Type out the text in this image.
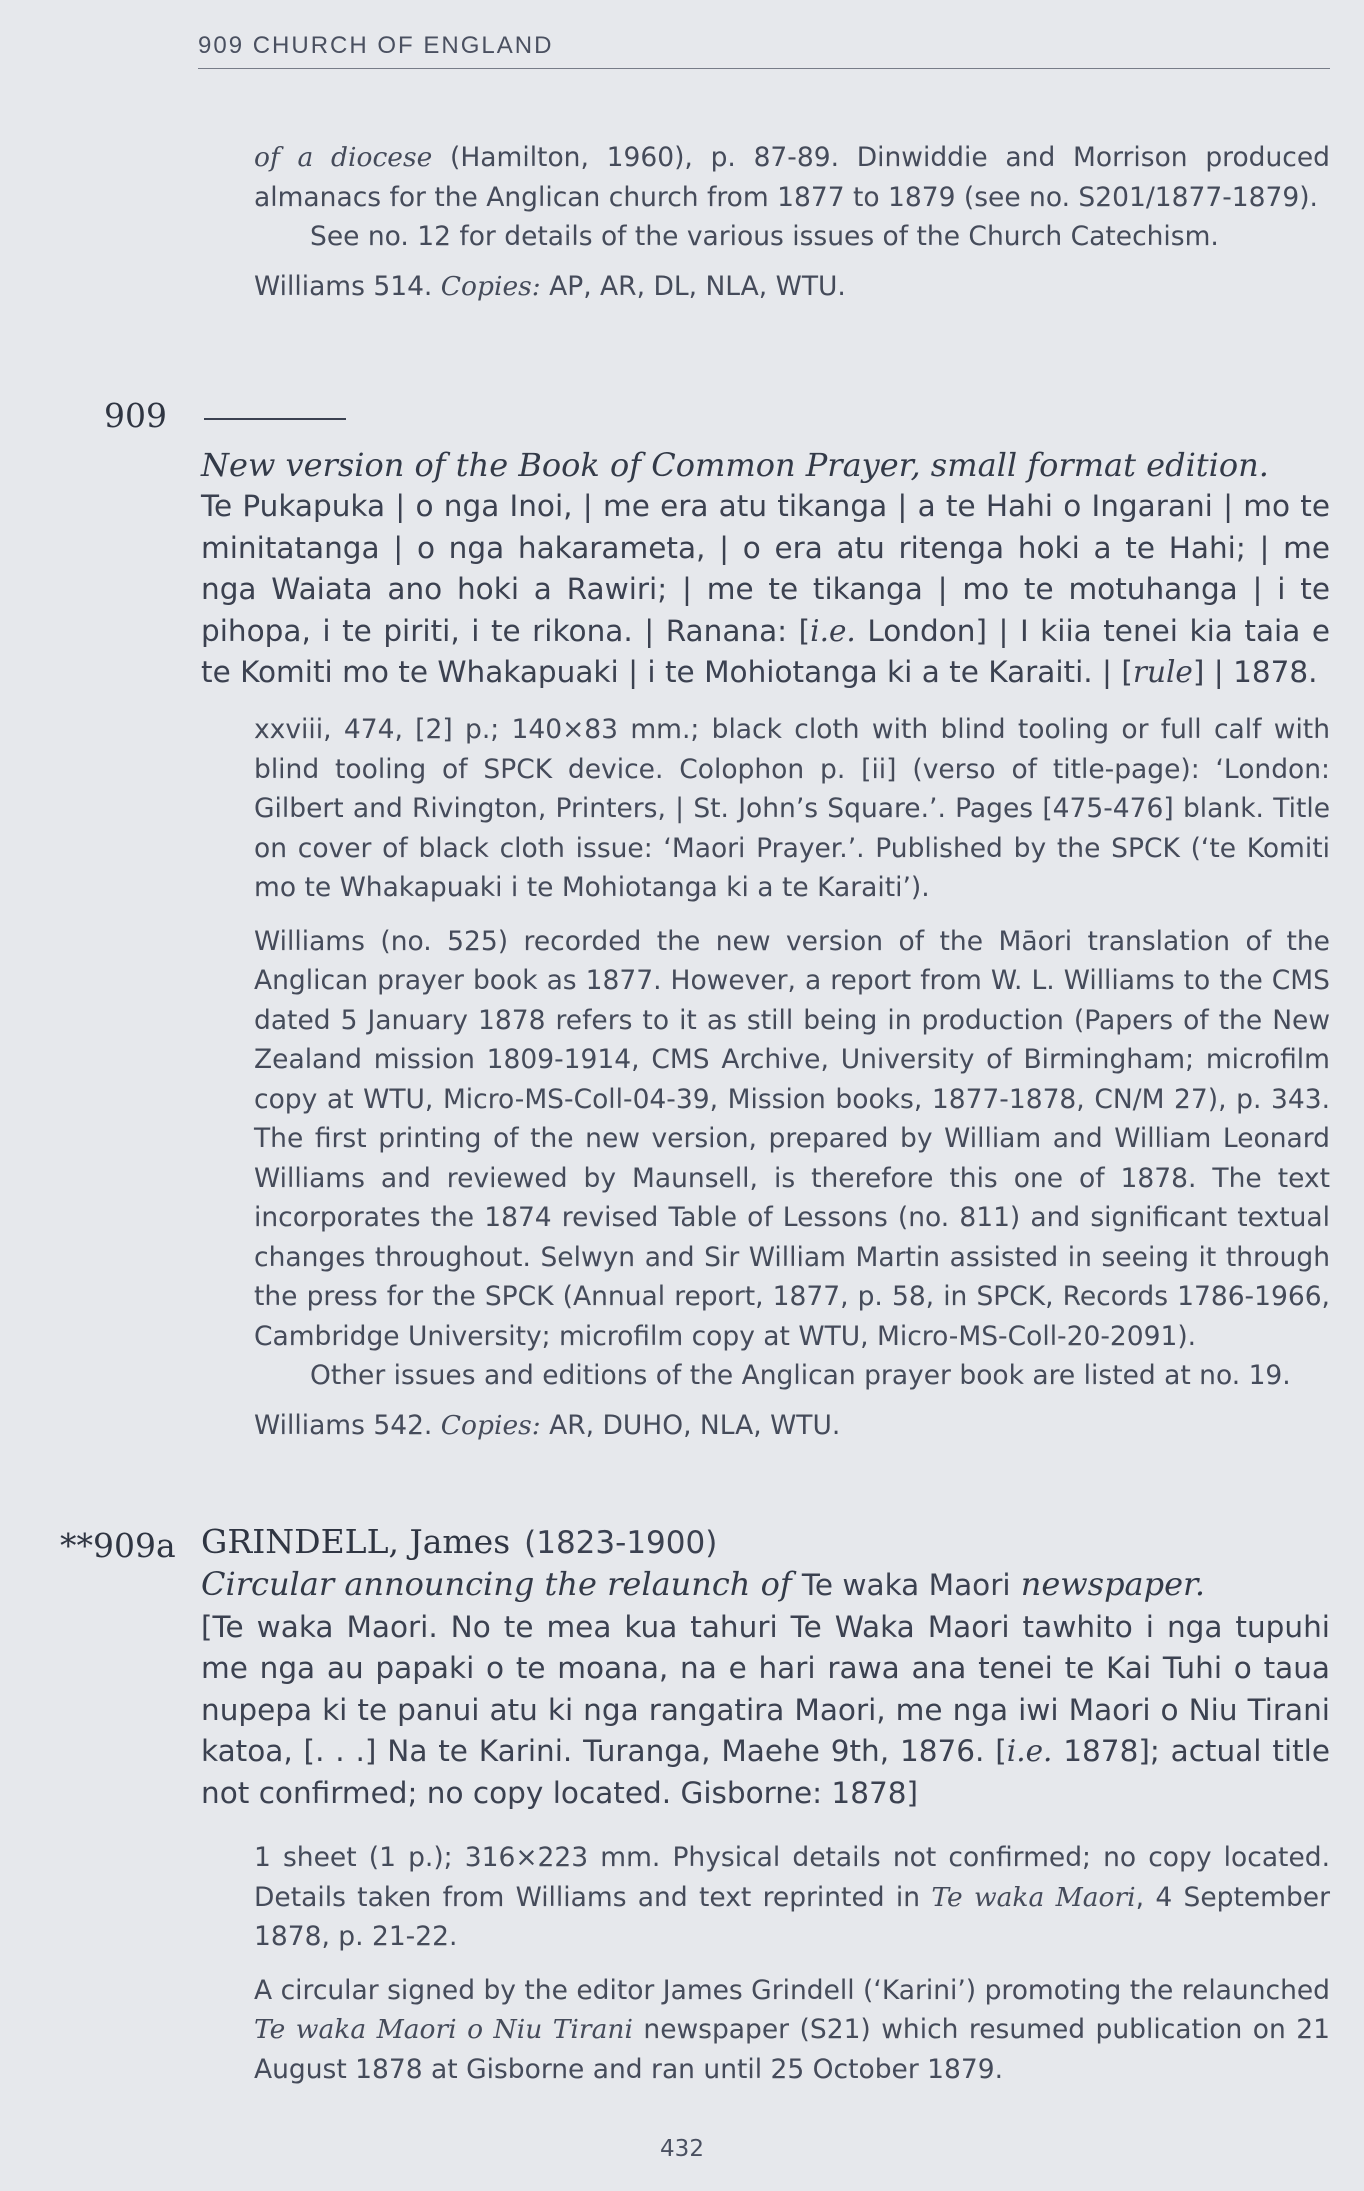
909 CHURCH OF ENGLAND

of a diocese (Hamilton, 1960), p. 87-89. Dinwiddie and Morrison produced almanacs for the Anglican church from 1877 to 1879 (see no. S201/1877-1879).

See no. 12 for details of the various issues of the Church Catechism.

Williams 514. Copies: AP, AR, DL, NLA, WTU.

909

New version of the Book of Common Prayer, small format edition.

Te Pukapuka | o nga Inoi, | me era atu tikanga | a te Hahi o Ingarani | mo te minitatanga | o nga hakarameta, | o era atu ritenga hoki a te Hahi; | me nga Waiata ano hoki a Rawiri; | me te tikanga | mo te motuhanga | i te pihopa, i te piriti, i te rikona. | Ranana: [i.e. London] | I kiia tenei kia taia e te Komiti mo te Whakapuaki | i te Mohiotanga ki a te Karaiti. | [rule] | 1878.

xxviii, 474, [2] p.; 140×83 mm.; black cloth with blind tooling or full calf with blind tooling of SPCK device. Colophon p. [ii] (verso of title-page): ‘London: Gilbert and Rivington, Printers, | St. John’s Square.’. Pages [475-476] blank. Title on cover of black cloth issue: ‘Maori Prayer.’. Published by the SPCK (‘te Komiti mo te Whakapuaki i te Mohiotanga ki a te Karaiti’).

Williams (no. 525) recorded the new version of the Māori translation of the Anglican prayer book as 1877. However, a report from W. L. Williams to the CMS dated 5 January 1878 refers to it as still being in production (Papers of the New Zealand mission 1809-1914, CMS Archive, University of Birmingham; microfilm copy at WTU, Micro-MS-Coll-04-39, Mission books, 1877-1878, CN/M 27), p. 343. The first printing of the new version, prepared by William and William Leonard Williams and reviewed by Maunsell, is therefore this one of 1878. The text incorporates the 1874 revised Table of Lessons (no. 811) and significant textual changes throughout. Selwyn and Sir William Martin assisted in seeing it through the press for the SPCK (Annual report, 1877, p. 58, in SPCK, Records 1786-1966, Cambridge University; microfilm copy at WTU, Micro-MS-Coll-20-2091).

Other issues and editions of the Anglican prayer book are listed at no. 19.

Williams 542. Copies: AR, DUHO, NLA, WTU.

**909a GRINDELL, James (1823-1900)

Circular announcing the relaunch of Te waka Maori newspaper.

[Te waka Maori. No te mea kua tahuri Te Waka Maori tawhito i nga tupuhi me nga au papaki o te moana, na e hari rawa ana tenei te Kai Tuhi o taua nupepa ki te panui atu ki nga rangatira Maori, me nga iwi Maori o Niu Tirani katoa, [. . .] Na te Karini. Turanga, Maehe 9th, 1876. [i.e. 1878]; actual title not confirmed; no copy located. Gisborne: 1878]

1 sheet (1 p.); 316×223 mm. Physical details not confirmed; no copy located. Details taken from Williams and text reprinted in Te waka Maori, 4 September 1878, p. 21-22.

A circular signed by the editor James Grindell (‘Karini’) promoting the relaunched Te waka Maori o Niu Tirani newspaper (S21) which resumed publication on 21 August 1878 at Gisborne and ran until 25 October 1879.

432
